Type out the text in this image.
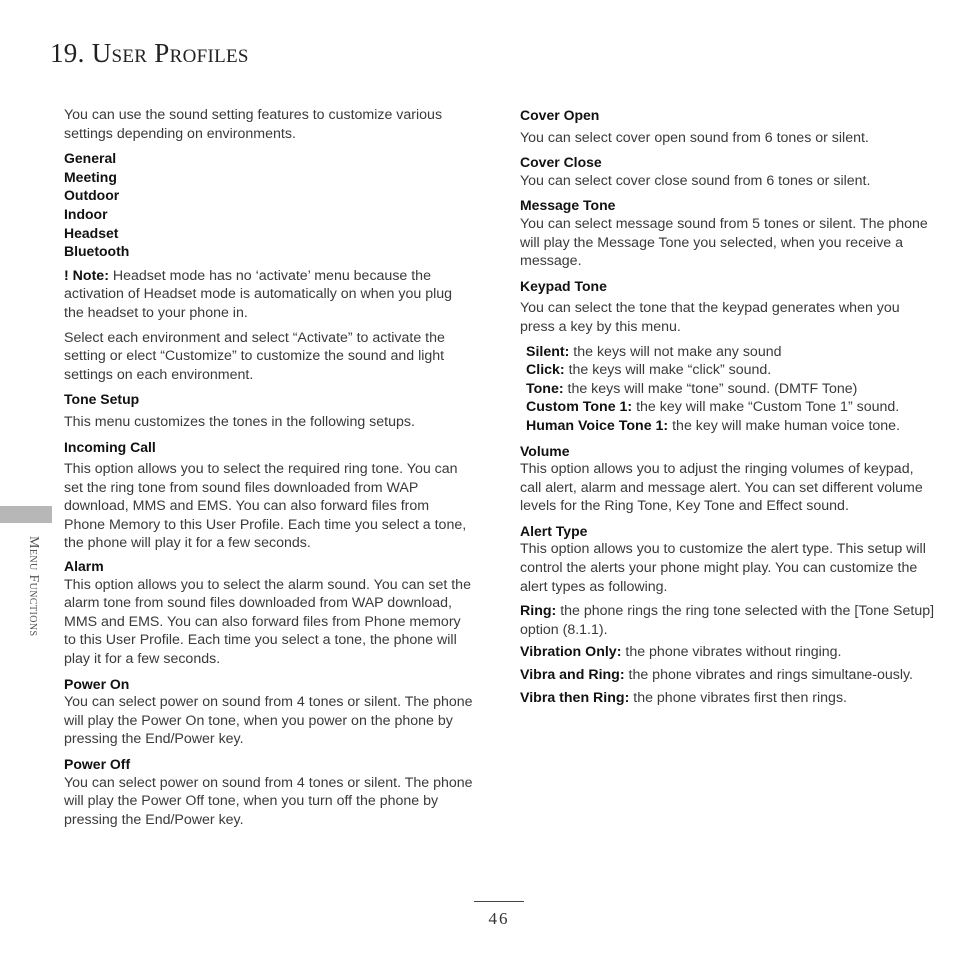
19. User Profiles
Menu Functions

You can use the sound setting features to customize various settings depending on environments.

General
Meeting
Outdoor
Indoor
Headset
Bluetooth

! Note: Headset mode has no ‘activate’ menu because the activation of Headset mode is automatically on when you plug the headset to your phone in.

Select each environment and select “Activate” to activate the setting or elect “Customize” to customize the sound and light settings on each environment.

Tone Setup

This menu customizes the tones in the following setups.

Incoming Call

This option allows you to select the required ring tone. You can set the ring tone from sound files downloaded from WAP download, MMS and EMS. You can also forward files from Phone Memory to this User Profile. Each time you select a tone, the phone will play it for a few seconds.

Alarm

This option allows you to select the alarm sound. You can set the alarm tone from sound files downloaded from WAP download, MMS and EMS. You can also forward files from Phone memory to this User Profile. Each time you select a tone, the phone will play it for a few seconds.

Power On

You can select power on sound from 4 tones or silent. The phone will play the Power On tone, when you power on the phone by pressing the End/Power key.

Power Off

You can select power on sound from 4 tones or silent. The phone will play the Power Off tone, when you turn off the phone by pressing the End/Power key.

Cover Open

You can select cover open sound from 6 tones or silent.

Cover Close

You can select cover close sound from 6 tones or silent.

Message Tone

You can select message sound from 5 tones or silent. The phone will play the Message Tone you selected, when you receive a message.

Keypad Tone

You can select the tone that the keypad generates when you press a key by this menu.

Silent: the keys will not make any sound

Click: the keys will make “click” sound.

Tone: the keys will make “tone” sound. (DMTF Tone)

Custom Tone 1: the key will make “Custom Tone 1” sound.

Human Voice Tone 1: the key will make human voice tone.

Volume

This option allows you to adjust the ringing volumes of keypad, call alert, alarm and message alert. You can set different volume levels for the Ring Tone, Key Tone and Effect sound.

Alert Type

This option allows you to customize the alert type. This setup will control the alerts your phone might play. You can customize the alert types as following.

Ring: the phone rings the ring tone selected with the [Tone Setup] option (8.1.1).

Vibration Only: the phone vibrates without ringing.

Vibra and Ring: the phone vibrates and rings simultane-ously.

Vibra then Ring: the phone vibrates first then rings.

46
